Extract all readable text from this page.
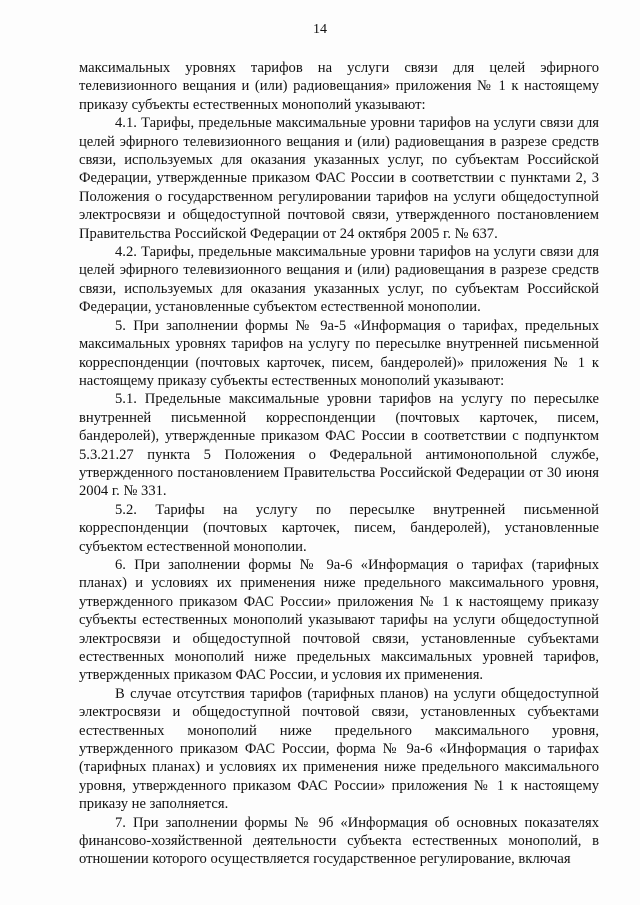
14

максимальных уровнях тарифов на услуги связи для целей эфирного телевизионного вещания и (или) радиовещания» приложения № 1 к настоящему приказу субъекты естественных монополий указывают:

4.1. Тарифы, предельные максимальные уровни тарифов на услуги связи для целей эфирного телевизионного вещания и (или) радиовещания в разрезе средств связи, используемых для оказания указанных услуг, по субъектам Российской Федерации, утвержденные приказом ФАС России в соответствии с пунктами 2, 3 Положения о государственном регулировании тарифов на услуги общедоступной электросвязи и общедоступной почтовой связи, утвержденного постановлением Правительства Российской Федерации от 24 октября 2005 г. № 637.

4.2. Тарифы, предельные максимальные уровни тарифов на услуги связи для целей эфирного телевизионного вещания и (или) радиовещания в разрезе средств связи, используемых для оказания указанных услуг, по субъектам Российской Федерации, установленные субъектом естественной монополии.

5. При заполнении формы № 9а-5 «Информация о тарифах, предельных максимальных уровнях тарифов на услугу по пересылке внутренней письменной корреспонденции (почтовых карточек, писем, бандеролей)» приложения № 1 к настоящему приказу субъекты естественных монополий указывают:

5.1. Предельные максимальные уровни тарифов на услугу по пересылке внутренней письменной корреспонденции (почтовых карточек, писем, бандеролей), утвержденные приказом ФАС России в соответствии с подпунктом 5.3.21.27 пункта 5 Положения о Федеральной антимонопольной службе, утвержденного постановлением Правительства Российской Федерации от 30 июня 2004 г. № 331.

5.2. Тарифы на услугу по пересылке внутренней письменной корреспонденции (почтовых карточек, писем, бандеролей), установленные субъектом естественной монополии.

6. При заполнении формы № 9а-6 «Информация о тарифах (тарифных планах) и условиях их применения ниже предельного максимального уровня, утвержденного приказом ФАС России» приложения № 1 к настоящему приказу субъекты естественных монополий указывают тарифы на услуги общедоступной электросвязи и общедоступной почтовой связи, установленные субъектами естественных монополий ниже предельных максимальных уровней тарифов, утвержденных приказом ФАС России, и условия их применения.

В случае отсутствия тарифов (тарифных планов) на услуги общедоступной электросвязи и общедоступной почтовой связи, установленных субъектами естественных монополий ниже предельного максимального уровня, утвержденного приказом ФАС России, форма № 9а-6 «Информация о тарифах (тарифных планах) и условиях их применения ниже предельного максимального уровня, утвержденного приказом ФАС России» приложения № 1 к настоящему приказу не заполняется.

7. При заполнении формы № 9б «Информация об основных показателях финансово-хозяйственной деятельности субъекта естественных монополий, в отношении которого осуществляется государственное регулирование, включая
